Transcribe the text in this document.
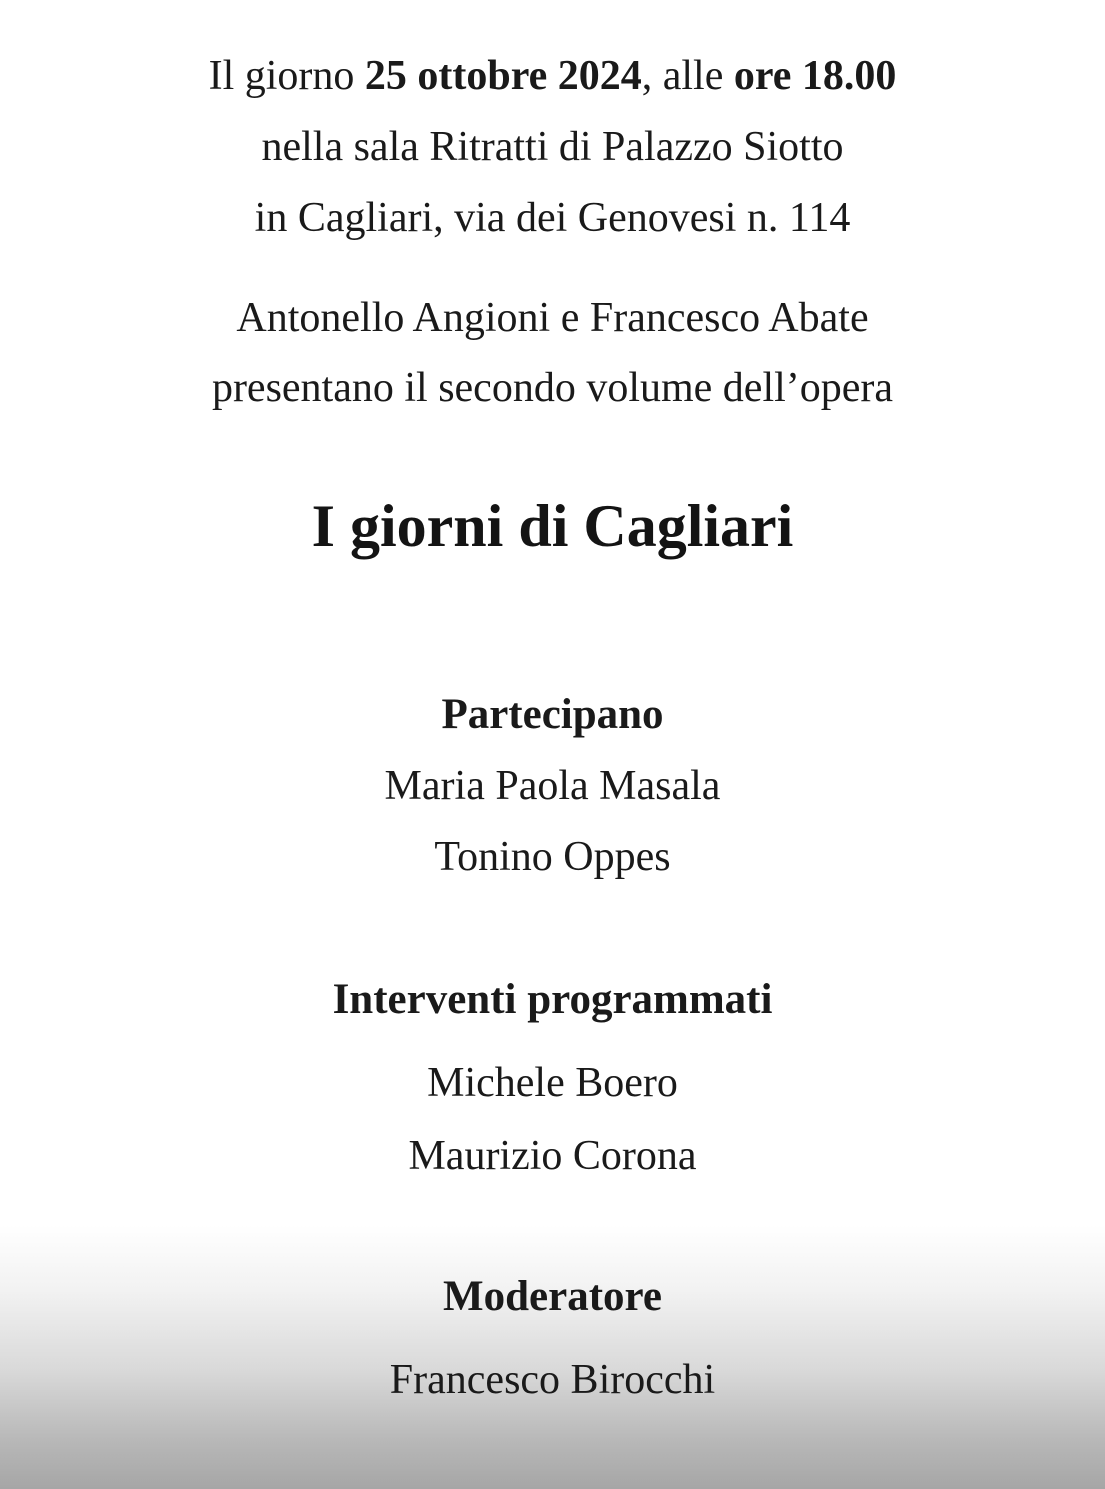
Il giorno 25 ottobre 2024, alle ore 18.00
nella sala Ritratti di Palazzo Siotto
in Cagliari, via dei Genovesi n. 114
Antonello Angioni e Francesco Abate
presentano il secondo volume dell’opera
I giorni di Cagliari
Partecipano
Maria Paola Masala
Tonino Oppes
Interventi programmati
Michele Boero
Maurizio Corona
Moderatore
Francesco Birocchi
